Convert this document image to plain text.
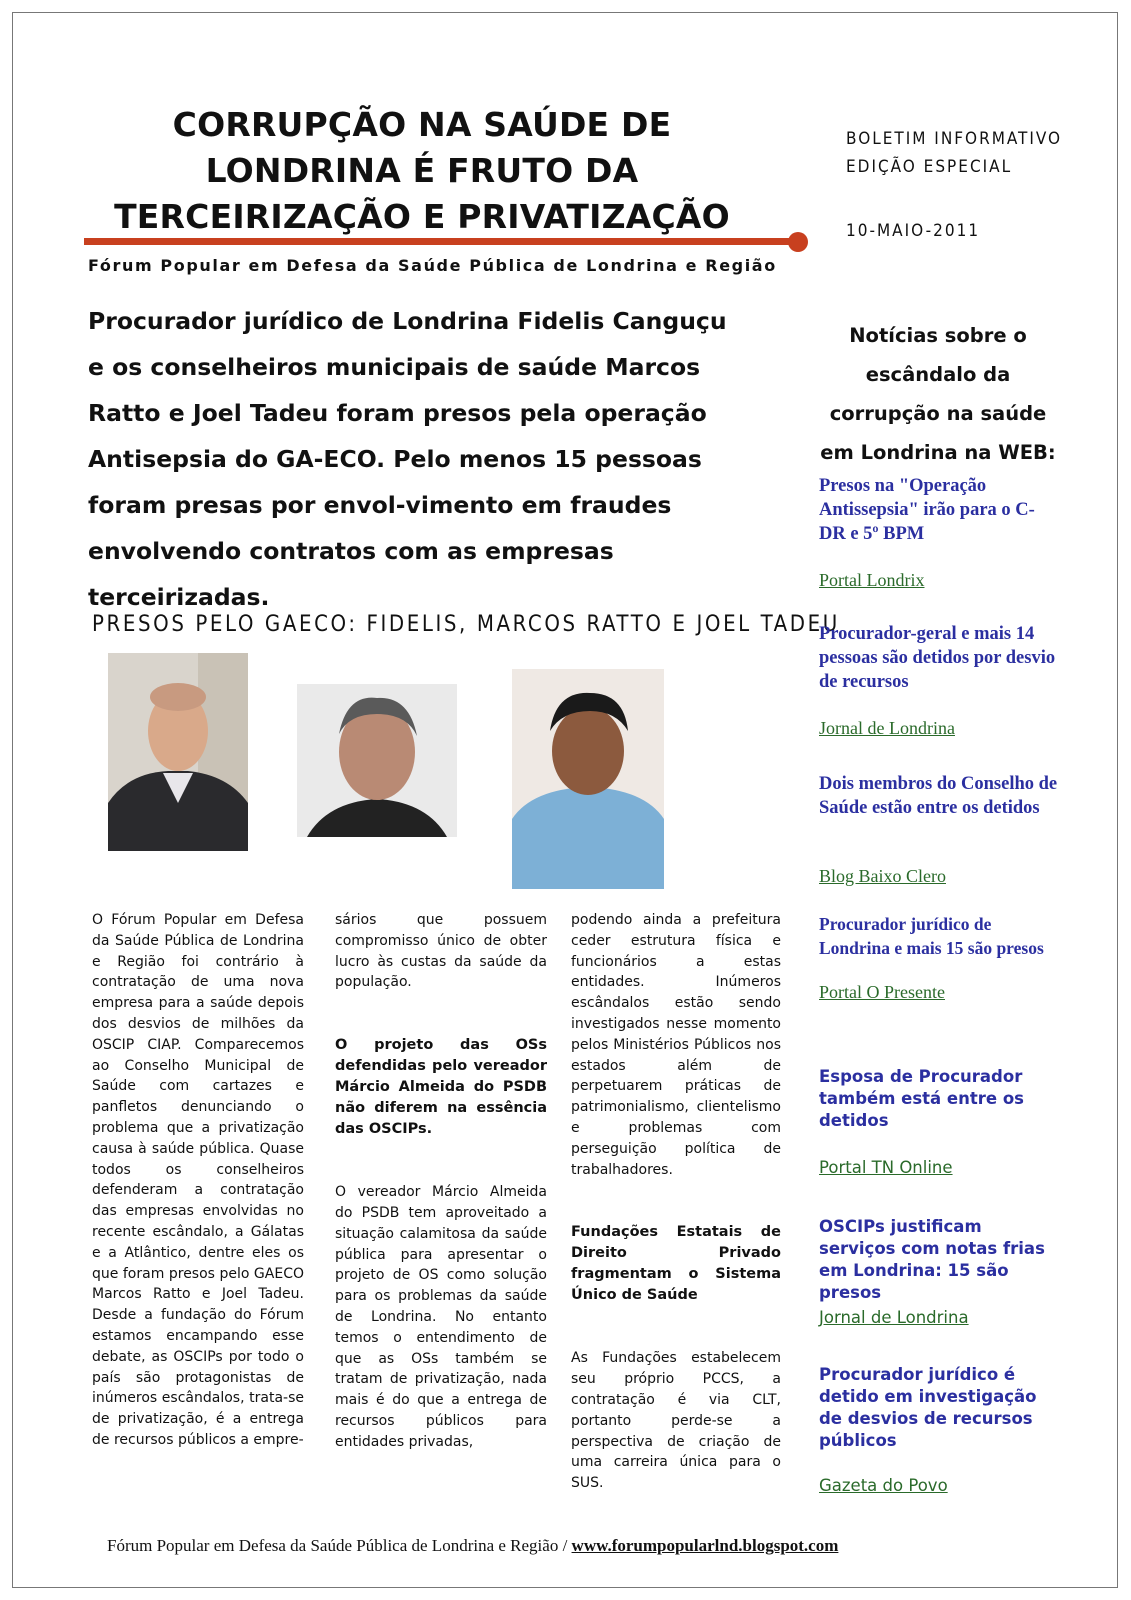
CORRUPÇÃO NA SAÚDE DE
LONDRINA É FRUTO DA
TERCEIRIZAÇÃO E PRIVATIZAÇÃO
Fórum Popular em Defesa da Saúde Pública de Londrina e Região
BOLETIM INFORMATIVO
EDIÇÃO ESPECIAL
10-MAIO-2011
Procurador jurídico de Londrina Fidelis Canguçu e os conselheiros municipais de saúde Marcos Ratto e Joel Tadeu foram presos pela operação Antisepsia do GA-ECO. Pelo menos 15 pessoas foram presas por envol-vimento em fraudes envolvendo contratos com as empresas terceirizadas.
PRESOS PELO GAECO: FIDELIS, MARCOS RATTO E JOEL TADEU

O Fórum Popular em Defesa da Saúde Pública de Londrina e Região foi contrário à contratação de uma nova empresa para a saúde depois dos desvios de milhões da OSCIP CIAP. Comparecemos ao Conselho Municipal de Saúde com cartazes e panfletos denunciando o problema que a privatização causa à saúde pública. Quase todos os conselheiros defenderam a contratação das empresas envolvidas no recente escândalo, a Gálatas e a Atlântico, dentre eles os que foram presos pelo GAECO Marcos Ratto e Joel Tadeu. Desde a fundação do Fórum estamos encampando esse debate, as OSCIPs por todo o país são protagonistas de inúmeros escândalos, trata-se de privatização, é a entrega de recursos públicos a empre-

sários que possuem compromisso único de obter lucro às custas da saúde da população.

O projeto das OSs defendidas pelo vereador Márcio Almeida do PSDB não diferem na essência das OSCIPs.

O vereador Márcio Almeida do PSDB tem aproveitado a situação calamitosa da saúde pública para apresentar o projeto de OS como solução para os problemas da saúde de Londrina. No entanto temos o entendimento de que as OSs também se tratam de privatização, nada mais é do que a entrega de recursos públicos para entidades privadas,

podendo ainda a prefeitura ceder estrutura física e funcionários a estas entidades. Inúmeros escândalos estão sendo investigados nesse momento pelos Ministérios Públicos nos estados além de perpetuarem práticas de patrimonialismo, clientelismo e problemas com perseguição política de trabalhadores.

Fundações Estatais de Direito Privado fragmentam o Sistema Único de Saúde

As Fundações estabelecem seu próprio PCCS, a contratação é via CLT, portanto perde-se a perspectiva de criação de uma carreira única para o SUS.

Notícias sobre o escândalo da corrupção na saúde em Londrina na WEB:
Presos na "Operação Antissepsia" irão para o C-DR e 5º BPM
Portal Londrix
Procurador-geral e mais 14 pessoas são detidos por desvio de recursos
Jornal de Londrina
Dois membros do Conselho de Saúde estão entre os detidos
Blog Baixo Clero
Procurador jurídico de Londrina e mais 15 são presos
Portal O Presente
Esposa de Procurador também está entre os detidos
Portal TN Online
OSCIPs justificam serviços com notas frias em Londrina: 15 são presos
Jornal de Londrina
Procurador jurídico é detido em investigação de desvios de recursos públicos
Gazeta do Povo
Fórum Popular em Defesa da Saúde Pública de Londrina e Região / www.forumpopularlnd.blogspot.com
